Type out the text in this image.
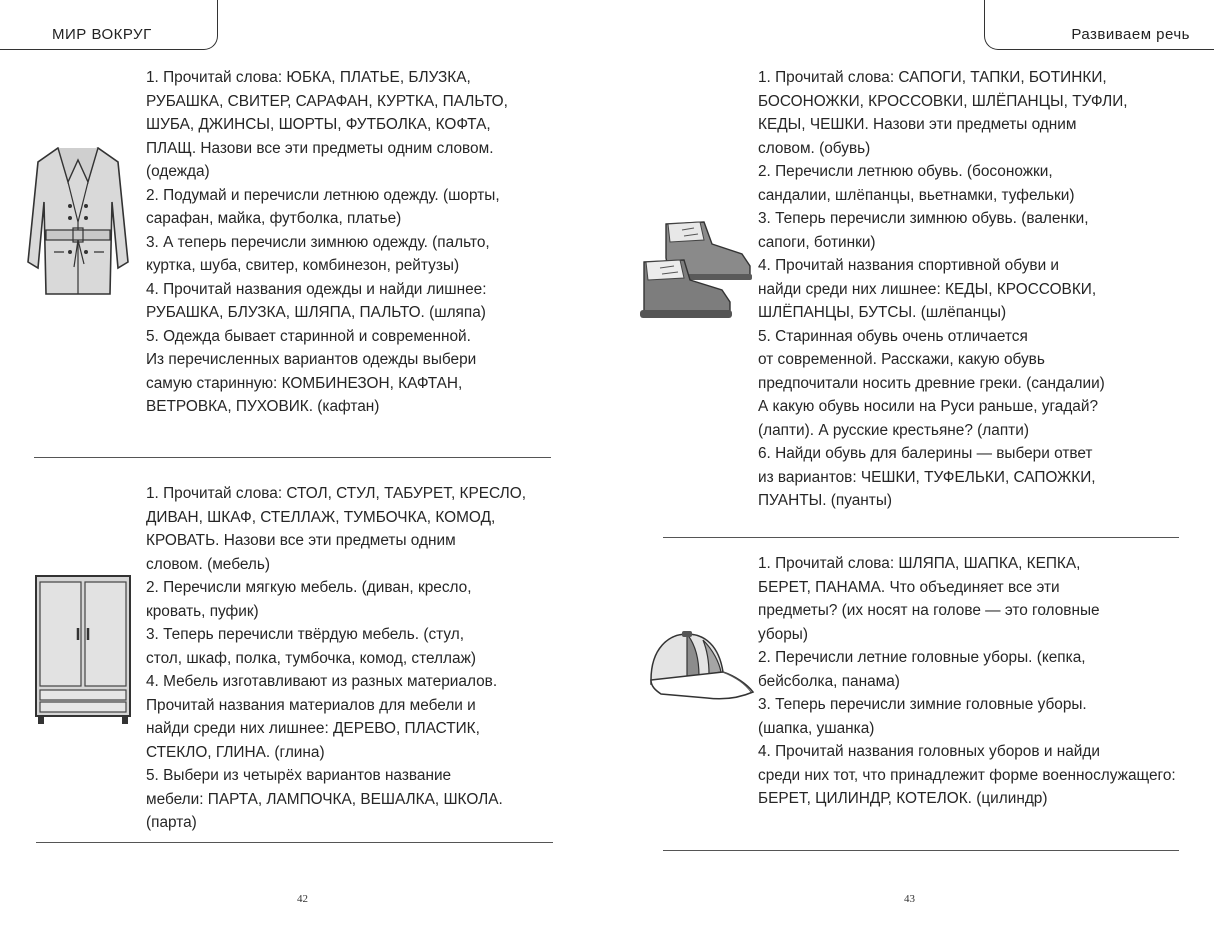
МИР ВОКРУГ

1. Прочитай слова: ЮБКА, ПЛАТЬЕ, БЛУЗКА,

РУБАШКА, СВИТЕР, САРАФАН, КУРТКА, ПАЛЬТО,

ШУБА, ДЖИНСЫ, ШОРТЫ, ФУТБОЛКА, КОФТА,

ПЛАЩ. Назови все эти предметы одним словом.

(одежда)

2. Подумай и перечисли летнюю одежду. (шорты,

сарафан, майка, футболка, платье)

3. А теперь перечисли зимнюю одежду. (пальто,

куртка, шуба, свитер, комбинезон, рейтузы)

4. Прочитай названия одежды и найди лишнее:

РУБАШКА, БЛУЗКА, ШЛЯПА, ПАЛЬТО. (шляпа)

5. Одежда бывает старинной и современной.

Из перечисленных вариантов одежды выбери

самую старинную: КОМБИНЕЗОН, КАФТАН,

ВЕТРОВКА, ПУХОВИК. (кафтан)

1. Прочитай слова: СТОЛ, СТУЛ, ТАБУРЕТ, КРЕСЛО,

ДИВАН, ШКАФ, СТЕЛЛАЖ, ТУМБОЧКА, КОМОД,

КРОВАТЬ. Назови все эти предметы одним

словом. (мебель)

2. Перечисли мягкую мебель. (диван, кресло,

кровать, пуфик)

3. Теперь перечисли твёрдую мебель. (стул,

стол, шкаф, полка, тумбочка, комод, стеллаж)

4. Мебель изготавливают из разных материалов.

Прочитай названия материалов для мебели и

найди среди них лишнее: ДЕРЕВО, ПЛАСТИК,

СТЕКЛО, ГЛИНА. (глина)

5. Выбери из четырёх вариантов название

мебели: ПАРТА, ЛАМПОЧКА, ВЕШАЛКА, ШКОЛА.

(парта)

42
Развиваем речь

1. Прочитай слова: САПОГИ, ТАПКИ, БОТИНКИ,

БОСОНОЖКИ, КРОССОВКИ, ШЛЁПАНЦЫ, ТУФЛИ,

КЕДЫ, ЧЕШКИ. Назови эти предметы одним

словом. (обувь)

2. Перечисли летнюю обувь. (босоножки,

сандалии, шлёпанцы, вьетнамки, туфельки)

3. Теперь перечисли зимнюю обувь. (валенки,

сапоги, ботинки)

4. Прочитай названия спортивной обуви и

найди среди них лишнее: КЕДЫ, КРОССОВКИ,

ШЛЁПАНЦЫ, БУТСЫ. (шлёпанцы)

5. Старинная обувь очень отличается

от современной. Расскажи, какую обувь

предпочитали носить древние греки. (сандалии)

А какую обувь носили на Руси раньше, угадай?

(лапти). А русские крестьяне? (лапти)

6. Найди обувь для балерины — выбери ответ

из вариантов: ЧЕШКИ, ТУФЕЛЬКИ, САПОЖКИ,

ПУАНТЫ. (пуанты)

1. Прочитай слова: ШЛЯПА, ШАПКА, КЕПКА,

БЕРЕТ, ПАНАМА. Что объединяет все эти

предметы? (их носят на голове — это головные

уборы)

2. Перечисли летние головные уборы. (кепка,

бейсболка, панама)

3. Теперь перечисли зимние головные уборы.

(шапка, ушанка)

4. Прочитай названия головных уборов и найди

среди них тот, что принадлежит форме военнослужащего:

БЕРЕТ, ЦИЛИНДР, КОТЕЛОК. (цилиндр)

43
